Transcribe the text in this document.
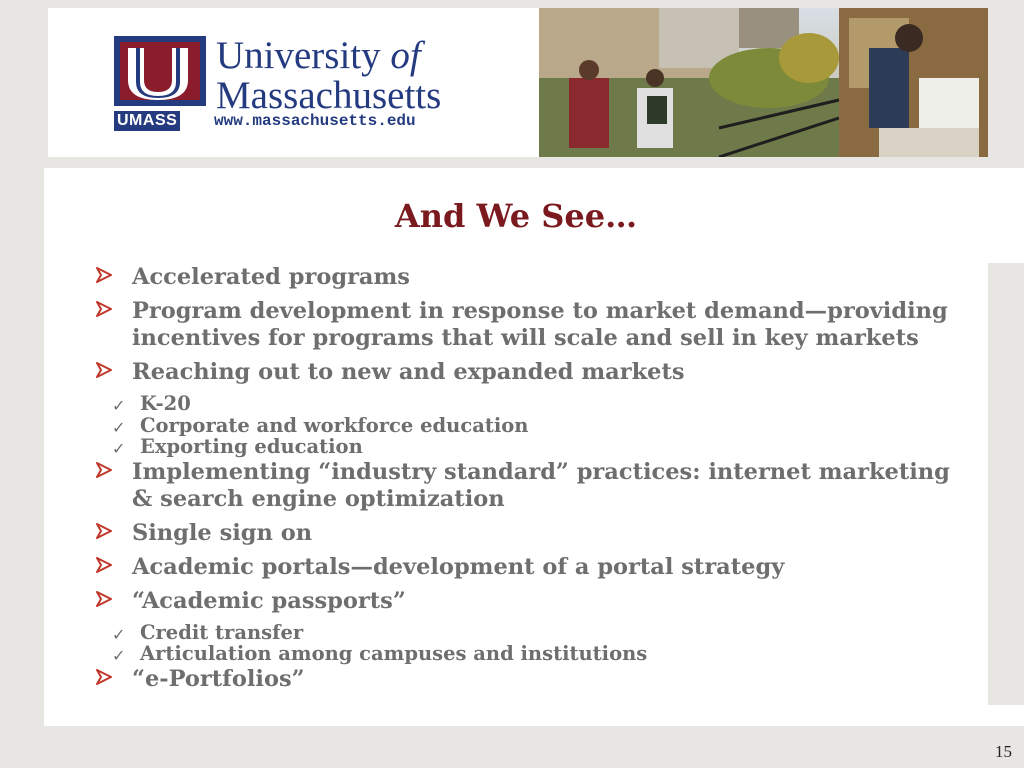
University of
Massachusetts
UMASS www.massachusetts.edu
And We See…
Accelerated programs
Program development in response to market demand—providing incentives for programs that will scale and sell in key markets
Reaching out to new and expanded markets
✓ K-20
✓ Corporate and workforce education
✓ Exporting education
Implementing “industry standard” practices: internet marketing & search engine optimization
Single sign on
Academic portals—development of a portal strategy
“Academic passports”
✓ Credit transfer
✓ Articulation among campuses and institutions
“e-Portfolios”
15
